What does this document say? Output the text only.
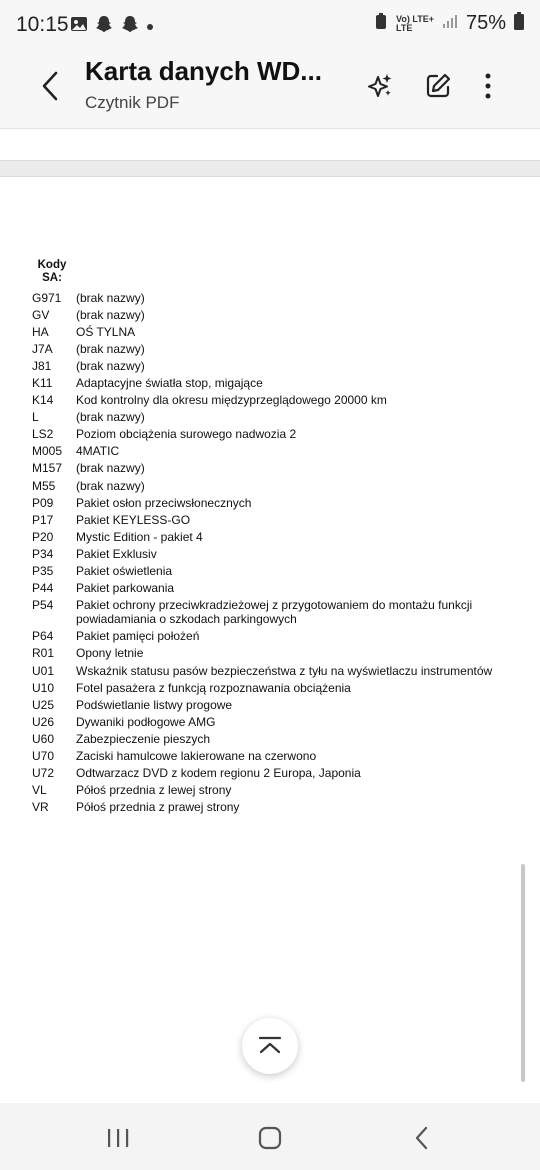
10:15	Vo) LTE+
LTE	75%
Karta danych WD...
Czytnik PDF
Kody
SA:
G971	(brak nazwy)
GV	(brak nazwy)
HA	OŚ TYLNA
J7A	(brak nazwy)
J81	(brak nazwy)
K11	Adaptacyjne światła stop, migające
K14	Kod kontrolny dla okresu międzyprzeglądowego 20000 km
L	(brak nazwy)
LS2	Poziom obciążenia surowego nadwozia 2
M005	4MATIC
M157	(brak nazwy)
M55	(brak nazwy)
P09	Pakiet osłon przeciwsłonecznych
P17	Pakiet KEYLESS-GO
P20	Mystic Edition - pakiet 4
P34	Pakiet Exklusiv
P35	Pakiet oświetlenia
P44	Pakiet parkowania
P54	Pakiet ochrony przeciwkradzieżowej z przygotowaniem do montażu funkcji powiadamiania o szkodach parkingowych
P64	Pakiet pamięci położeń
R01	Opony letnie
U01	Wskaźnik statusu pasów bezpieczeństwa z tyłu na wyświetlaczu instrumentów
U10	Fotel pasażera z funkcją rozpoznawania obciążenia
U25	Podświetlanie listwy progowe
U26	Dywaniki podłogowe AMG
U60	Zabezpieczenie pieszych
U70	Zaciski hamulcowe lakierowane na czerwono
U72	Odtwarzacz DVD z kodem regionu 2 Europa, Japonia
VL	Półoś przednia z lewej strony
VR	Półoś przednia z prawej strony
